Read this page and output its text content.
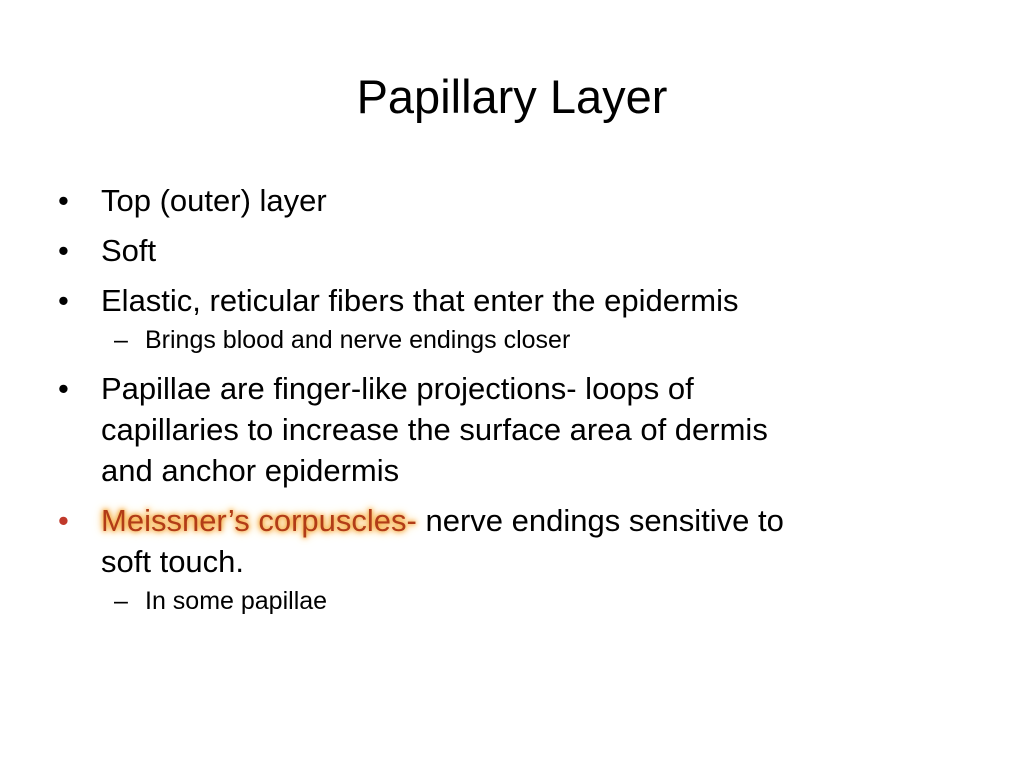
Papillary Layer
• Top (outer) layer
• Soft
• Elastic, reticular fibers that enter the epidermis
– Brings blood and nerve endings closer
• Papillae are finger-like projections- loops of
capillaries to increase the surface area of dermis
and anchor epidermis
• Meissner’s corpuscles- nerve endings sensitive to
soft touch.
– In some papillae
